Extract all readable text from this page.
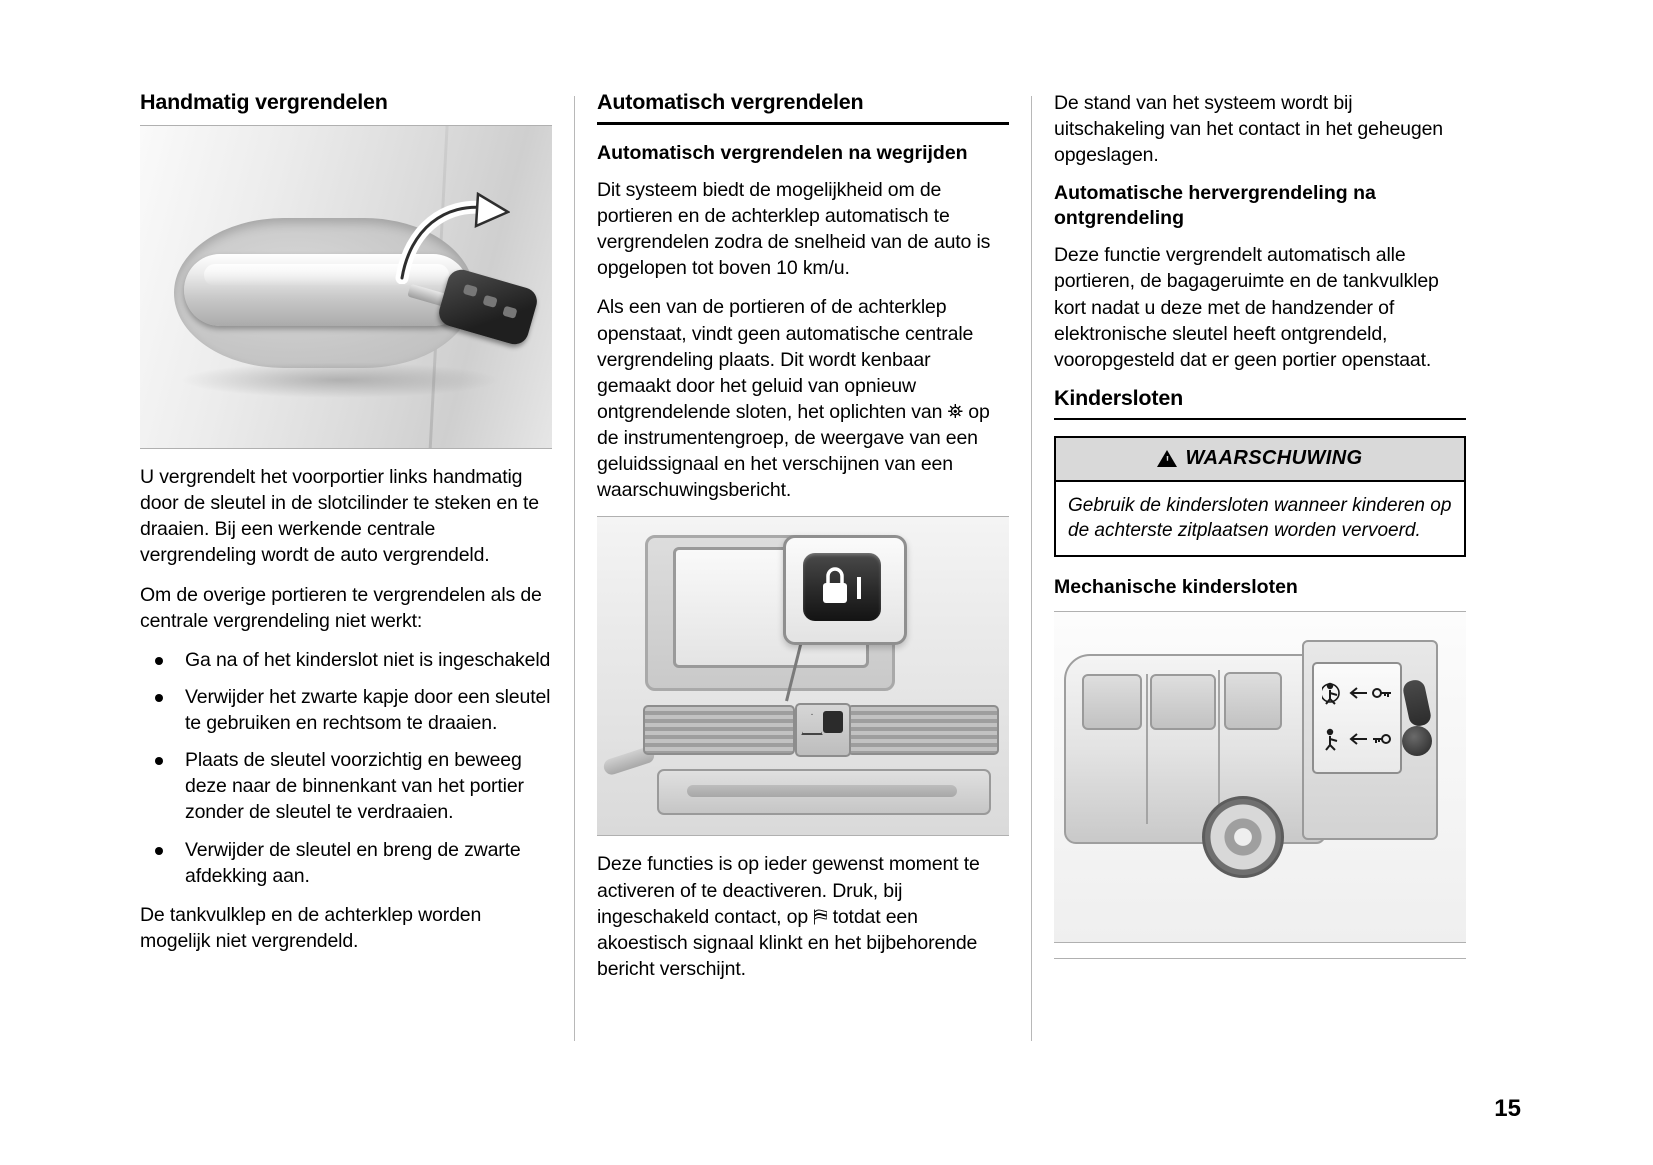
Handmatig vergrendelen

U vergrendelt het voorportier links handmatig door de sleutel in de slotcilinder te steken en te draaien. Bij een werkende centrale vergrendeling wordt de auto vergrendeld.

Om de overige portieren te vergrendelen als de centrale vergrendeling niet werkt:

Ga na of het kinderslot niet is ingeschakeld
Verwijder het zwarte kapje door een sleutel te gebruiken en rechtsom te draaien.
Plaats de sleutel voorzichtig en beweeg deze naar de binnenkant van het portier zonder de sleutel te verdraaien.
Verwijder de sleutel en breng de zwarte afdekking aan.

De tankvulklep en de achterklep worden mogelijk niet vergrendeld.

Automatisch vergrendelen
Automatisch vergrendelen na wegrijden

Dit systeem biedt de mogelijkheid om de portieren en de achterklep automatisch te vergrendelen zodra de snelheid van de auto is opgelopen tot boven 10 km/u.

Als een van de portieren of de achterklep openstaat, vindt geen automatische centrale vergrendeling plaats. Dit wordt kenbaar gemaakt door het geluid van opnieuw ontgrendelende sloten, het oplichten van ⛯ op de instrumentengroep, de weergave van een geluidssignaal en het verschijnen van een waarschuwingsbericht.

Deze functies is op ieder gewenst moment te activeren of te deactiveren. Druk, bij ingeschakeld contact, op ⛿ totdat een akoestisch signaal klinkt en het bijbehorende bericht verschijnt.

De stand van het systeem wordt bij uitschakeling van het contact in het geheugen opgeslagen.

Automatische hervergrendeling na ontgrendeling

Deze functie vergrendelt automatisch alle portieren, de bagageruimte en de tankvulklep kort nadat u deze met de handzender of elektronische sleutel heeft ontgrendeld, vooropgesteld dat er geen portier openstaat.

Kindersloten
WAARSCHUWING
Gebruik de kindersloten wanneer kinderen op de achterste zitplaatsen worden vervoerd.
Mechanische kindersloten
15
